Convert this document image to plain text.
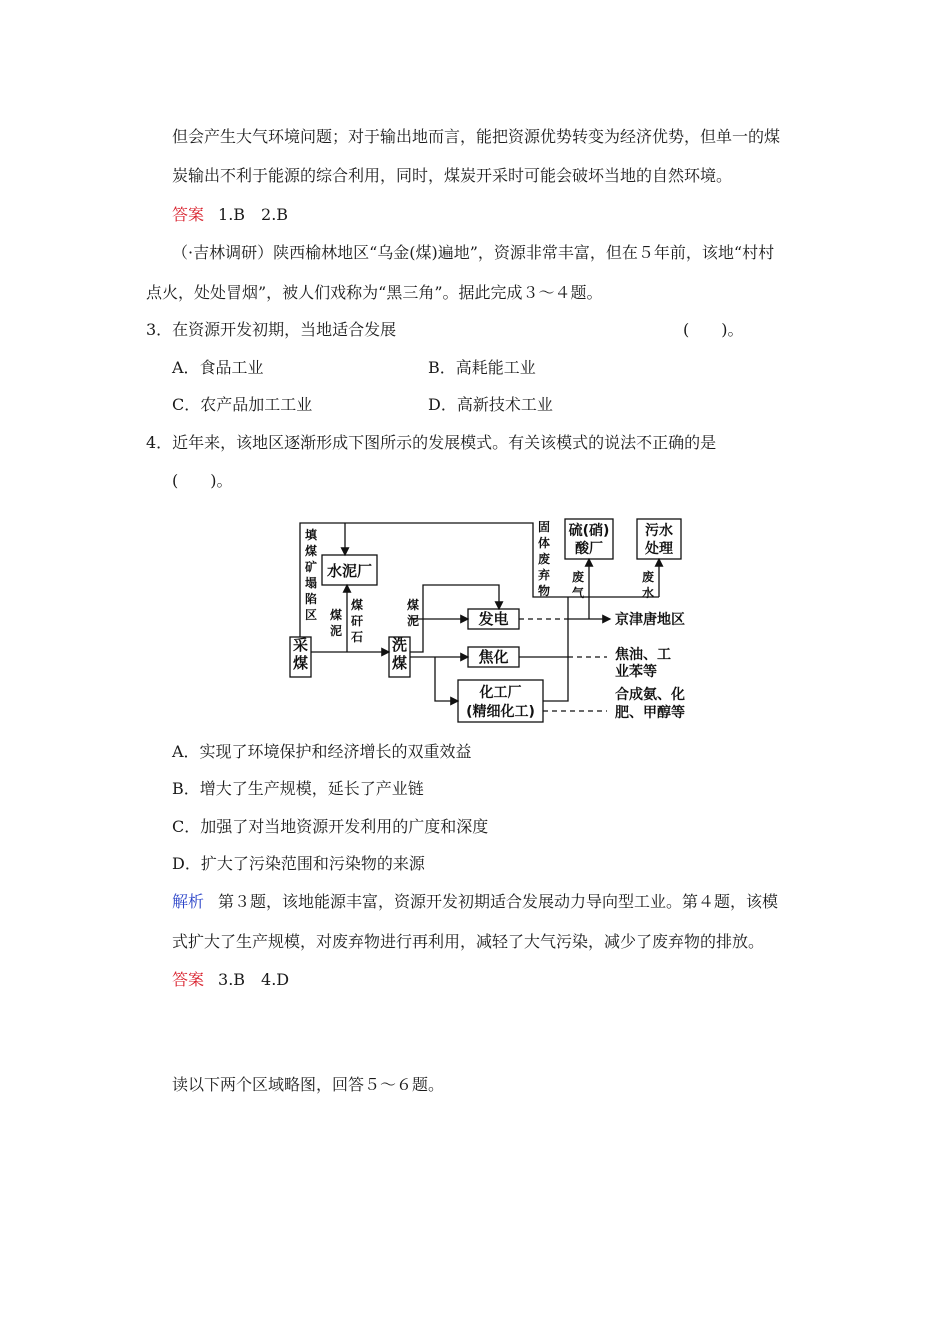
但会产生大气环境问题；对于输出地而言，能把资源优势转变为经济优势，但单一的煤
炭输出不利于能源的综合利用，同时，煤炭开采时可能会破坏当地的自然环境。
答案 1.B　2.B
（·吉林调研）陕西榆林地区“乌金(煤)遍地”，资源非常丰富，但在５年前，该地“村村
点火，处处冒烟”，被人们戏称为“黑三角”。据此完成３～４题。
3．在资源开发初期，当地适合发展	(　　)。
A．食品工业	B．高耗能工业
C．农产品加工工业	D．高新技术工业
4．近年来，该地区逐渐形成下图所示的发展模式。有关该模式的说法不正确的是
(　　)。
采煤
洗煤
水泥厂
发电
焦化
化工厂
(精细化工)
硫(硝)
酸厂
污水
处理
填 煤 矿 塌 陷 区
煤 矸 石
煤 泥
煤 泥
固 体 废 弃 物
废 气
废 水
京津唐地区
焦油、工
业苯等
合成氨、化
肥、甲醇等
A．实现了环境保护和经济增长的双重效益
B．增大了生产规模，延长了产业链
C．加强了对当地资源开发利用的广度和深度
D．扩大了污染范围和污染物的来源
解析 第３题，该地能源丰富，资源开发初期适合发展动力导向型工业。第４题，该模
式扩大了生产规模，对废弃物进行再利用，减轻了大气污染，减少了废弃物的排放。
答案 3.B　4.D
读以下两个区域略图，回答５～６题。
